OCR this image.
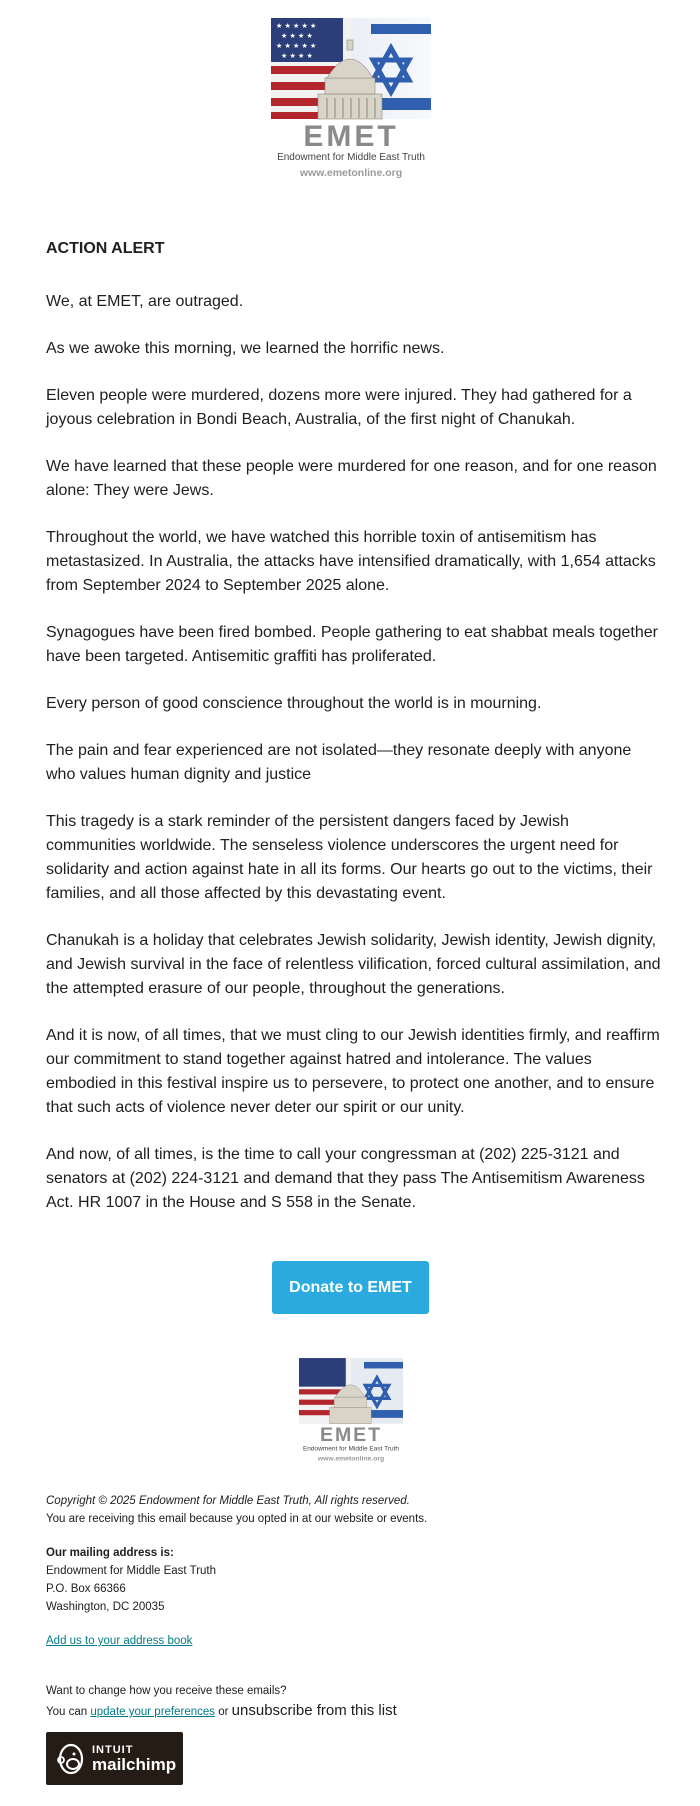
★ ★ ★ ★ ★
★ ★ ★ ★
★ ★ ★ ★ ★
★ ★ ★ ★
EMET
Endowment for Middle East Truth
www.emetonline.org
ACTION ALERT

We, at EMET, are outraged.

As we awoke this morning, we learned the horrific news.

Eleven people were murdered, dozens more were injured. They had gathered for a joyous celebration in Bondi Beach, Australia, of the first night of Chanukah.

We have learned that these people were murdered for one reason, and for one reason alone: They were Jews.

Throughout the world, we have watched this horrible toxin of antisemitism has metastasized. In Australia, the attacks have intensified dramatically, with 1,654 attacks from September 2024 to September 2025 alone.

Synagogues have been fired bombed. People gathering to eat shabbat meals together have been targeted. Antisemitic graffiti has proliferated.

Every person of good conscience throughout the world is in mourning.

The pain and fear experienced are not isolated—they resonate deeply with anyone who values human dignity and justice

This tragedy is a stark reminder of the persistent dangers faced by Jewish communities worldwide. The senseless violence underscores the urgent need for solidarity and action against hate in all its forms. Our hearts go out to the victims, their families, and all those affected by this devastating event.

Chanukah is a holiday that celebrates Jewish solidarity, Jewish identity, Jewish dignity, and Jewish survival in the face of relentless vilification, forced cultural assimilation, and the attempted erasure of our people, throughout the generations.

And it is now, of all times, that we must cling to our Jewish identities firmly, and reaffirm our commitment to stand together against hatred and intolerance. The values embodied in this festival inspire us to persevere, to protect one another, and to ensure that such acts of violence never deter our spirit or our unity.

And now, of all times, is the time to call your congressman at (202) 225-3121 and senators at (202) 224-3121 and demand that they pass The Antisemitism Awareness Act. HR 1007 in the House and S 558 in the Senate.

Donate to EMET
EMET
Endowment for Middle East Truth
www.emetonline.org
Copyright © 2025 Endowment for Middle East Truth, All rights reserved.
You are receiving this email because you opted in at our website or events.
Our mailing address is:
Endowment for Middle East Truth
P.O. Box 66366
Washington, DC 20035
Add us to your address book
Want to change how you receive these emails?
You can update your preferences or unsubscribe from this list
INTUIT
mailchimp
